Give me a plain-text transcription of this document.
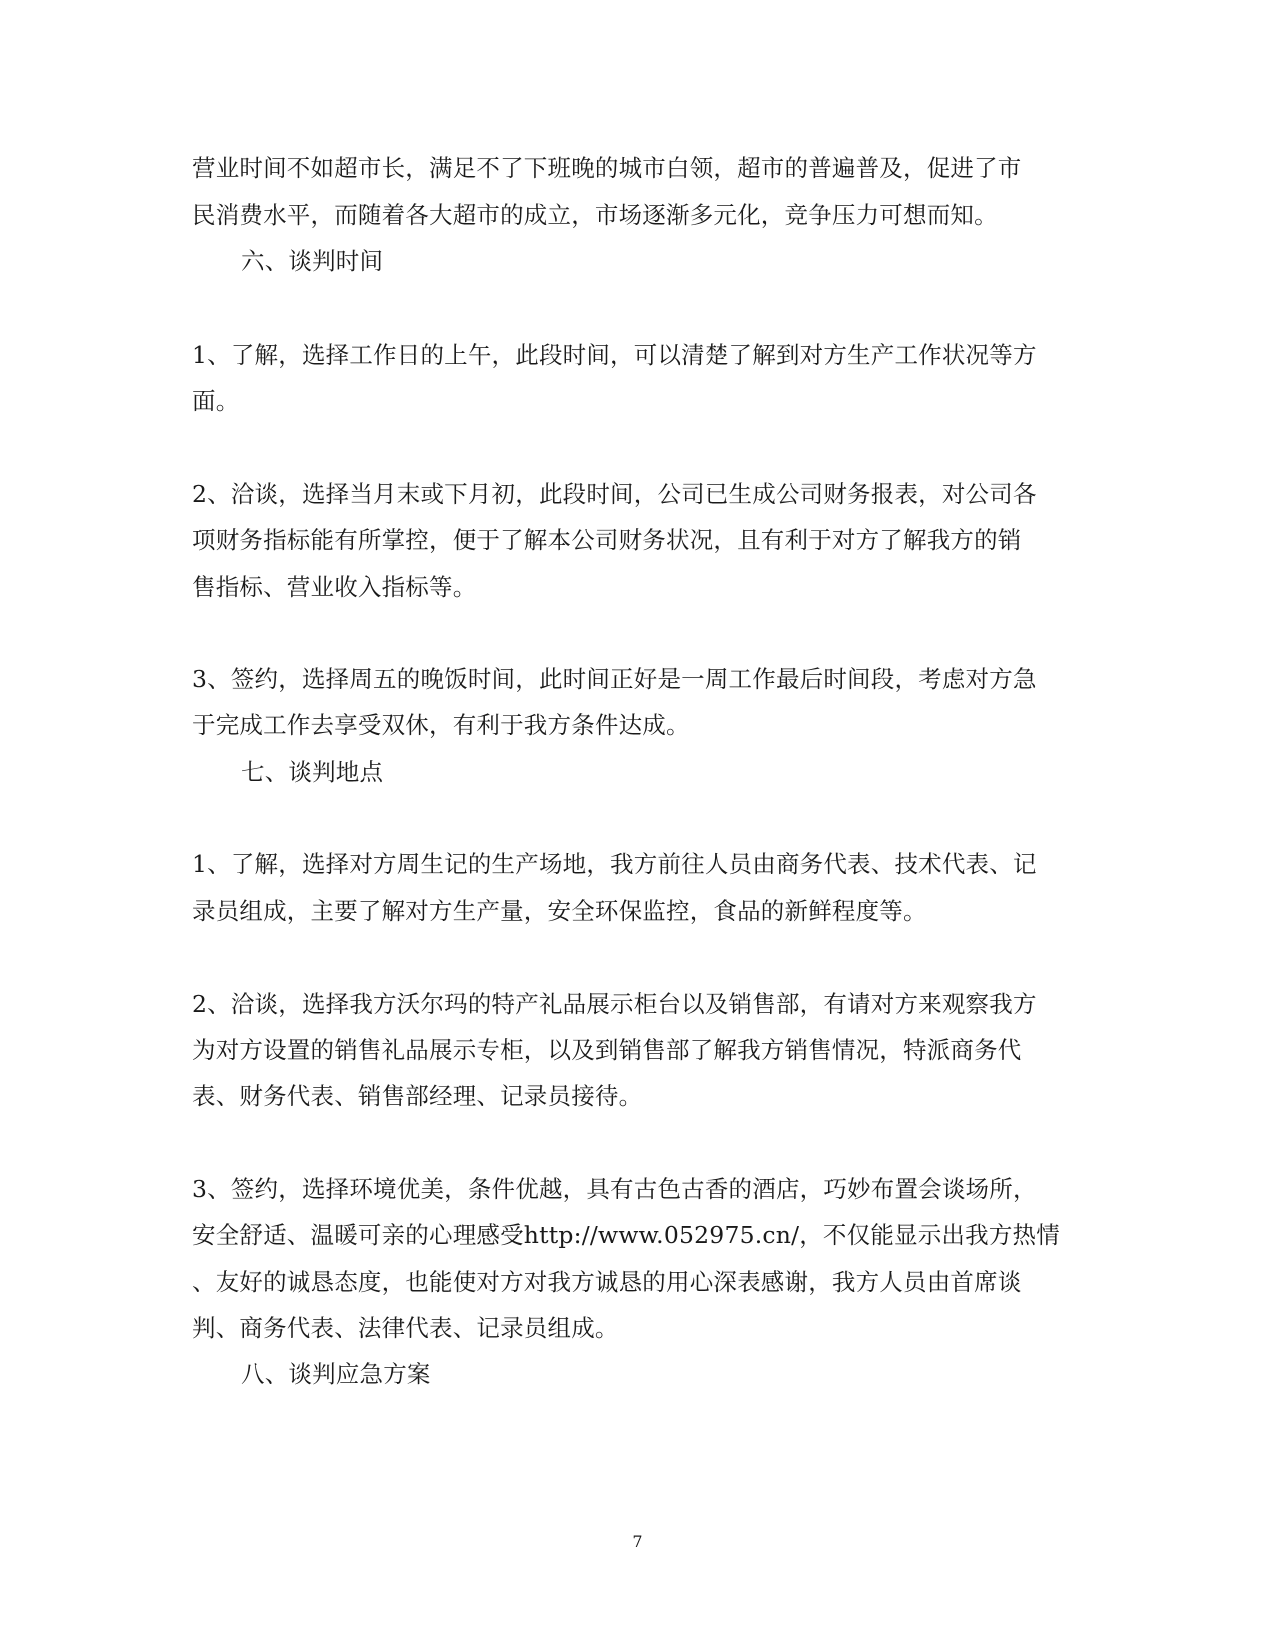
营业时间不如超市长，满足不了下班晚的城市白领，超市的普遍普及，促进了市
民消费水平，而随着各大超市的成立，市场逐渐多元化，竞争压力可想而知。
六、谈判时间
1、了解，选择工作日的上午，此段时间，可以清楚了解到对方生产工作状况等方
面。
2、洽谈，选择当月末或下月初，此段时间，公司已生成公司财务报表，对公司各
项财务指标能有所掌控，便于了解本公司财务状况，且有利于对方了解我方的销
售指标、营业收入指标等。
3、签约，选择周五的晚饭时间，此时间正好是一周工作最后时间段，考虑对方急
于完成工作去享受双休，有利于我方条件达成。
七、谈判地点
1、了解，选择对方周生记的生产场地，我方前往人员由商务代表、技术代表、记
录员组成，主要了解对方生产量，安全环保监控，食品的新鲜程度等。
2、洽谈，选择我方沃尔玛的特产礼品展示柜台以及销售部，有请对方来观察我方
为对方设置的销售礼品展示专柜，以及到销售部了解我方销售情况，特派商务代
表、财务代表、销售部经理、记录员接待。
3、签约，选择环境优美，条件优越，具有古色古香的酒店，巧妙布置会谈场所，
安全舒适、温暖可亲的心理感受http://www.052975.cn/，不仅能显示出我方热情
、友好的诚恳态度，也能使对方对我方诚恳的用心深表感谢，我方人员由首席谈
判、商务代表、法律代表、记录员组成。
八、谈判应急方案
7
